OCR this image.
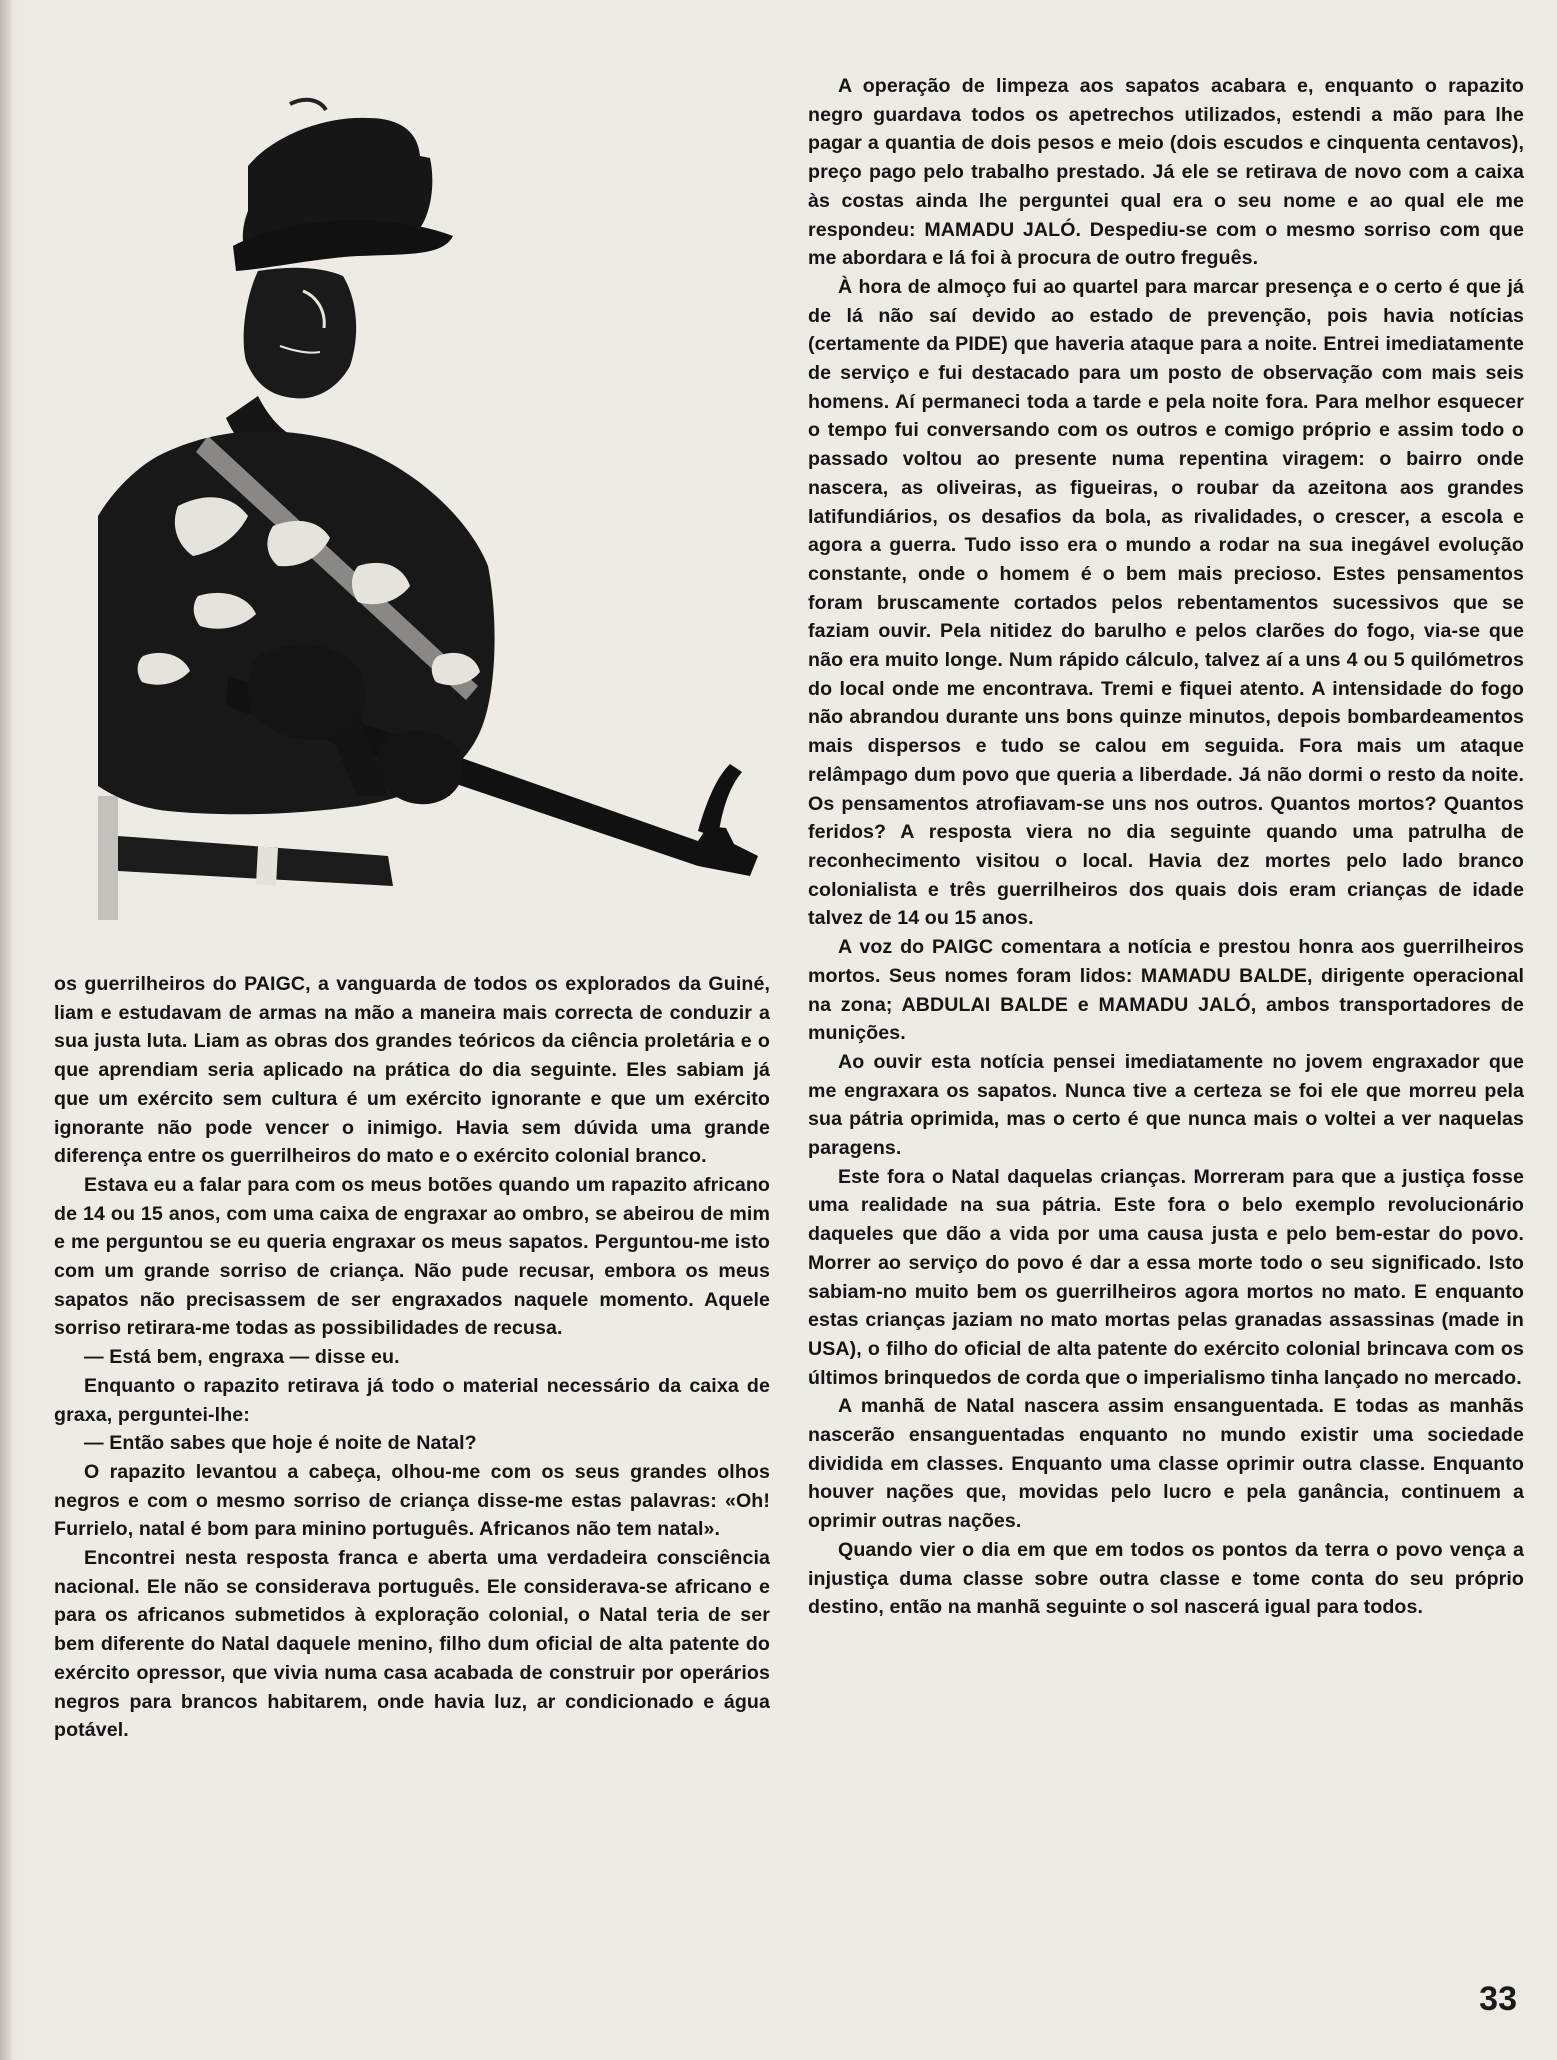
os guerrilheiros do PAIGC, a vanguarda de todos os explorados da Guiné, liam e estudavam de armas na mão a maneira mais correcta de conduzir a sua justa luta. Liam as obras dos grandes teóricos da ciência proletária e o que aprendiam seria aplicado na prática do dia seguinte. Eles sabiam já que um exército sem cultura é um exército ignorante e que um exército ignorante não pode vencer o inimigo. Havia sem dúvida uma grande diferença entre os guerrilheiros do mato e o exército colonial branco.

Estava eu a falar para com os meus botões quando um rapazito africano de 14 ou 15 anos, com uma caixa de engraxar ao ombro, se abeirou de mim e me perguntou se eu queria engraxar os meus sapatos. Perguntou-me isto com um grande sorriso de criança. Não pude recusar, embora os meus sapatos não precisassem de ser engraxados naquele momento. Aquele sorriso retirara-me todas as possibilidades de recusa.

— Está bem, engraxa — disse eu.

Enquanto o rapazito retirava já todo o material necessário da caixa de graxa, perguntei-lhe:

— Então sabes que hoje é noite de Natal?

O rapazito levantou a cabeça, olhou-me com os seus grandes olhos negros e com o mesmo sorriso de criança disse-me estas palavras: «Oh! Furrielo, natal é bom para minino português. Africanos não tem natal».

Encontrei nesta resposta franca e aberta uma verdadeira consciência nacional. Ele não se considerava português. Ele considerava-se africano e para os africanos submetidos à exploração colonial, o Natal teria de ser bem diferente do Natal daquele menino, filho dum oficial de alta patente do exército opressor, que vivia numa casa acabada de construir por operários negros para brancos habitarem, onde havia luz, ar condicionado e água potável.

A operação de limpeza aos sapatos acabara e, enquanto o rapazito negro guardava todos os apetrechos utilizados, estendi a mão para lhe pagar a quantia de dois pesos e meio (dois escudos e cinquenta centavos), preço pago pelo trabalho prestado. Já ele se retirava de novo com a caixa às costas ainda lhe perguntei qual era o seu nome e ao qual ele me respondeu: MAMADU JALÓ. Despediu-se com o mesmo sorriso com que me abordara e lá foi à procura de outro freguês.

À hora de almoço fui ao quartel para marcar presença e o certo é que já de lá não saí devido ao estado de prevenção, pois havia notícias (certamente da PIDE) que haveria ataque para a noite. Entrei imediatamente de serviço e fui destacado para um posto de observação com mais seis homens. Aí permaneci toda a tarde e pela noite fora. Para melhor esquecer o tempo fui conversando com os outros e comigo próprio e assim todo o passado voltou ao presente numa repentina viragem: o bairro onde nascera, as oliveiras, as figueiras, o roubar da azeitona aos grandes latifundiários, os desafios da bola, as rivalidades, o crescer, a escola e agora a guerra. Tudo isso era o mundo a rodar na sua inegável evolução constante, onde o homem é o bem mais precioso. Estes pensamentos foram bruscamente cortados pelos rebentamentos sucessivos que se faziam ouvir. Pela nitidez do barulho e pelos clarões do fogo, via-se que não era muito longe. Num rápido cálculo, talvez aí a uns 4 ou 5 quilómetros do local onde me encontrava. Tremi e fiquei atento. A intensidade do fogo não abrandou durante uns bons quinze minutos, depois bombardeamentos mais dispersos e tudo se calou em seguida. Fora mais um ataque relâmpago dum povo que queria a liberdade. Já não dormi o resto da noite. Os pensamentos atrofiavam-se uns nos outros. Quantos mortos? Quantos feridos? A resposta viera no dia seguinte quando uma patrulha de reconhecimento visitou o local. Havia dez mortes pelo lado branco colonialista e três guerrilheiros dos quais dois eram crianças de idade talvez de 14 ou 15 anos.

A voz do PAIGC comentara a notícia e prestou honra aos guerrilheiros mortos. Seus nomes foram lidos: MAMADU BALDE, dirigente operacional na zona; ABDULAI BALDE e MAMADU JALÓ, ambos transportadores de munições.

Ao ouvir esta notícia pensei imediatamente no jovem engraxador que me engraxara os sapatos. Nunca tive a certeza se foi ele que morreu pela sua pátria oprimida, mas o certo é que nunca mais o voltei a ver naquelas paragens.

Este fora o Natal daquelas crianças. Morreram para que a justiça fosse uma realidade na sua pátria. Este fora o belo exemplo revolucionário daqueles que dão a vida por uma causa justa e pelo bem-estar do povo. Morrer ao serviço do povo é dar a essa morte todo o seu significado. Isto sabiam-no muito bem os guerrilheiros agora mortos no mato. E enquanto estas crianças jaziam no mato mortas pelas granadas assassinas (made in USA), o filho do oficial de alta patente do exército colonial brincava com os últimos brinquedos de corda que o imperialismo tinha lançado no mercado.

A manhã de Natal nascera assim ensanguentada. E todas as manhãs nascerão ensanguentadas enquanto no mundo existir uma sociedade dividida em classes. Enquanto uma classe oprimir outra classe. Enquanto houver nações que, movidas pelo lucro e pela ganância, continuem a oprimir outras nações.

Quando vier o dia em que em todos os pontos da terra o povo vença a injustiça duma classe sobre outra classe e tome conta do seu próprio destino, então na manhã seguinte o sol nascerá igual para todos.

33
